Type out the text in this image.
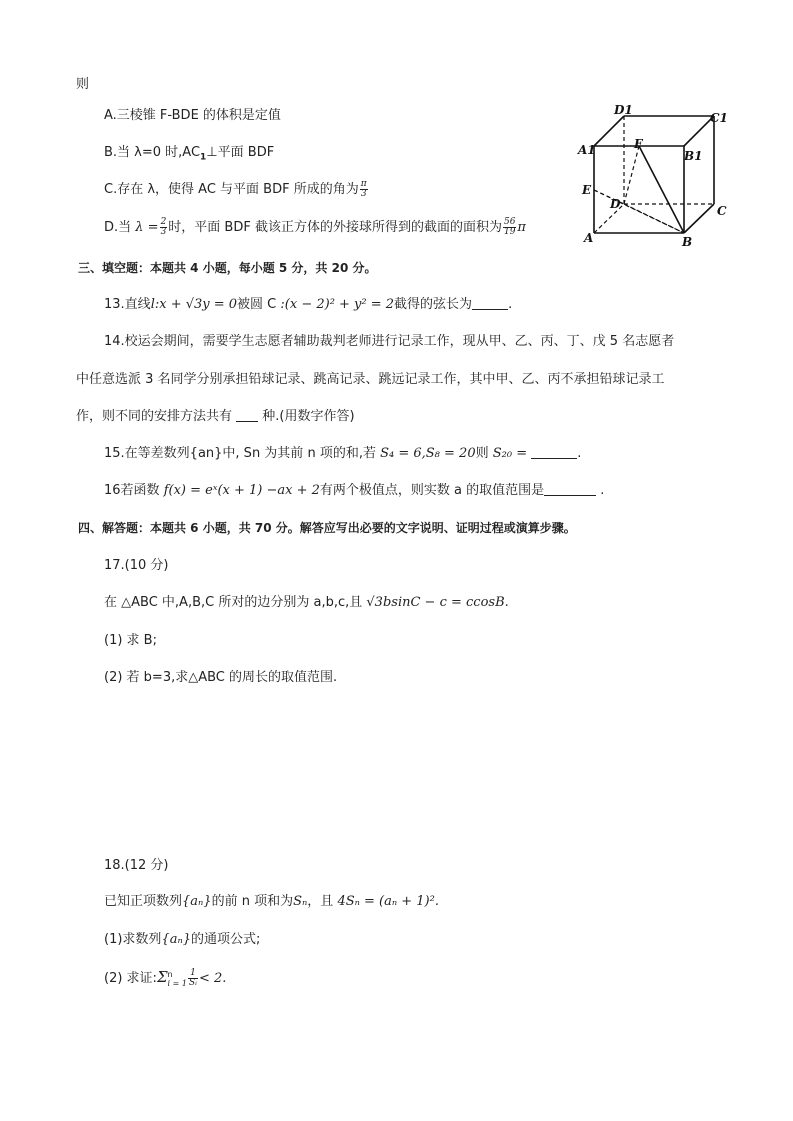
则
A.三棱锥 F-BDE 的体积是定值
B.当 λ=0 时$,AC_1\perp$平面 BDF
C.存在 λ，使得 AC 与平面 BDF 所成的角为 $\frac{\pi}{3}$
D.当 $\lambda = \frac{2}{3}$ 时，平面 BDF 截该正方体的外接球所得到的截面的面积为 $\frac{56}{19}$ π
D1
C1
A1	F
B1
E
D	C
A	B
三、填空题：本题共 4 小题，每小题 5 分，共 20 分。
13.直线l:x + √3y = 0被圆 C :(x − 2)² + y² = 2截得的弦长为	.
14.校运会期间，需要学生志愿者辅助裁判老师进行记录工作，现从甲、乙、丙、丁、戊 5 名志愿者
中任意选派 3 名同学分别承担铅球记录、跳高记录、跳远记录工作，其中甲、乙、丙不承担铅球记录工
作，则不同的安排方法共有 种.(用数字作答)
15.在等差数列{an}中, Sn 为其前 n 项的和,若 S₄ = 6,S₈ = 20则 S₂₀ =	.
16若函数 f(x) = eˣ(x + 1) −ax + 2有两个极值点，则实数 a 的取值范围是	.
四、解答题：本题共 6 小题，共 70 分。解答应写出必要的文字说明、证明过程或演算步骤。
17.(10 分)
在 △ABC 中,A,B,C 所对的边分别为 a,b,c,且 √3bsinC − c = ccosB.
(1) 求 B;
(2) 若 b=3,求△ABC 的周长的取值范围.
18.(12 分)
已知正项数列{aₙ}的前 n 项和为Sₙ，且 4Sₙ = (aₙ + 1)².
(1)求数列{aₙ}的通项公式;
(2) 求证:Σ n
$i = 1 \frac{1}{\text{Sᵢ}} < 2$.
